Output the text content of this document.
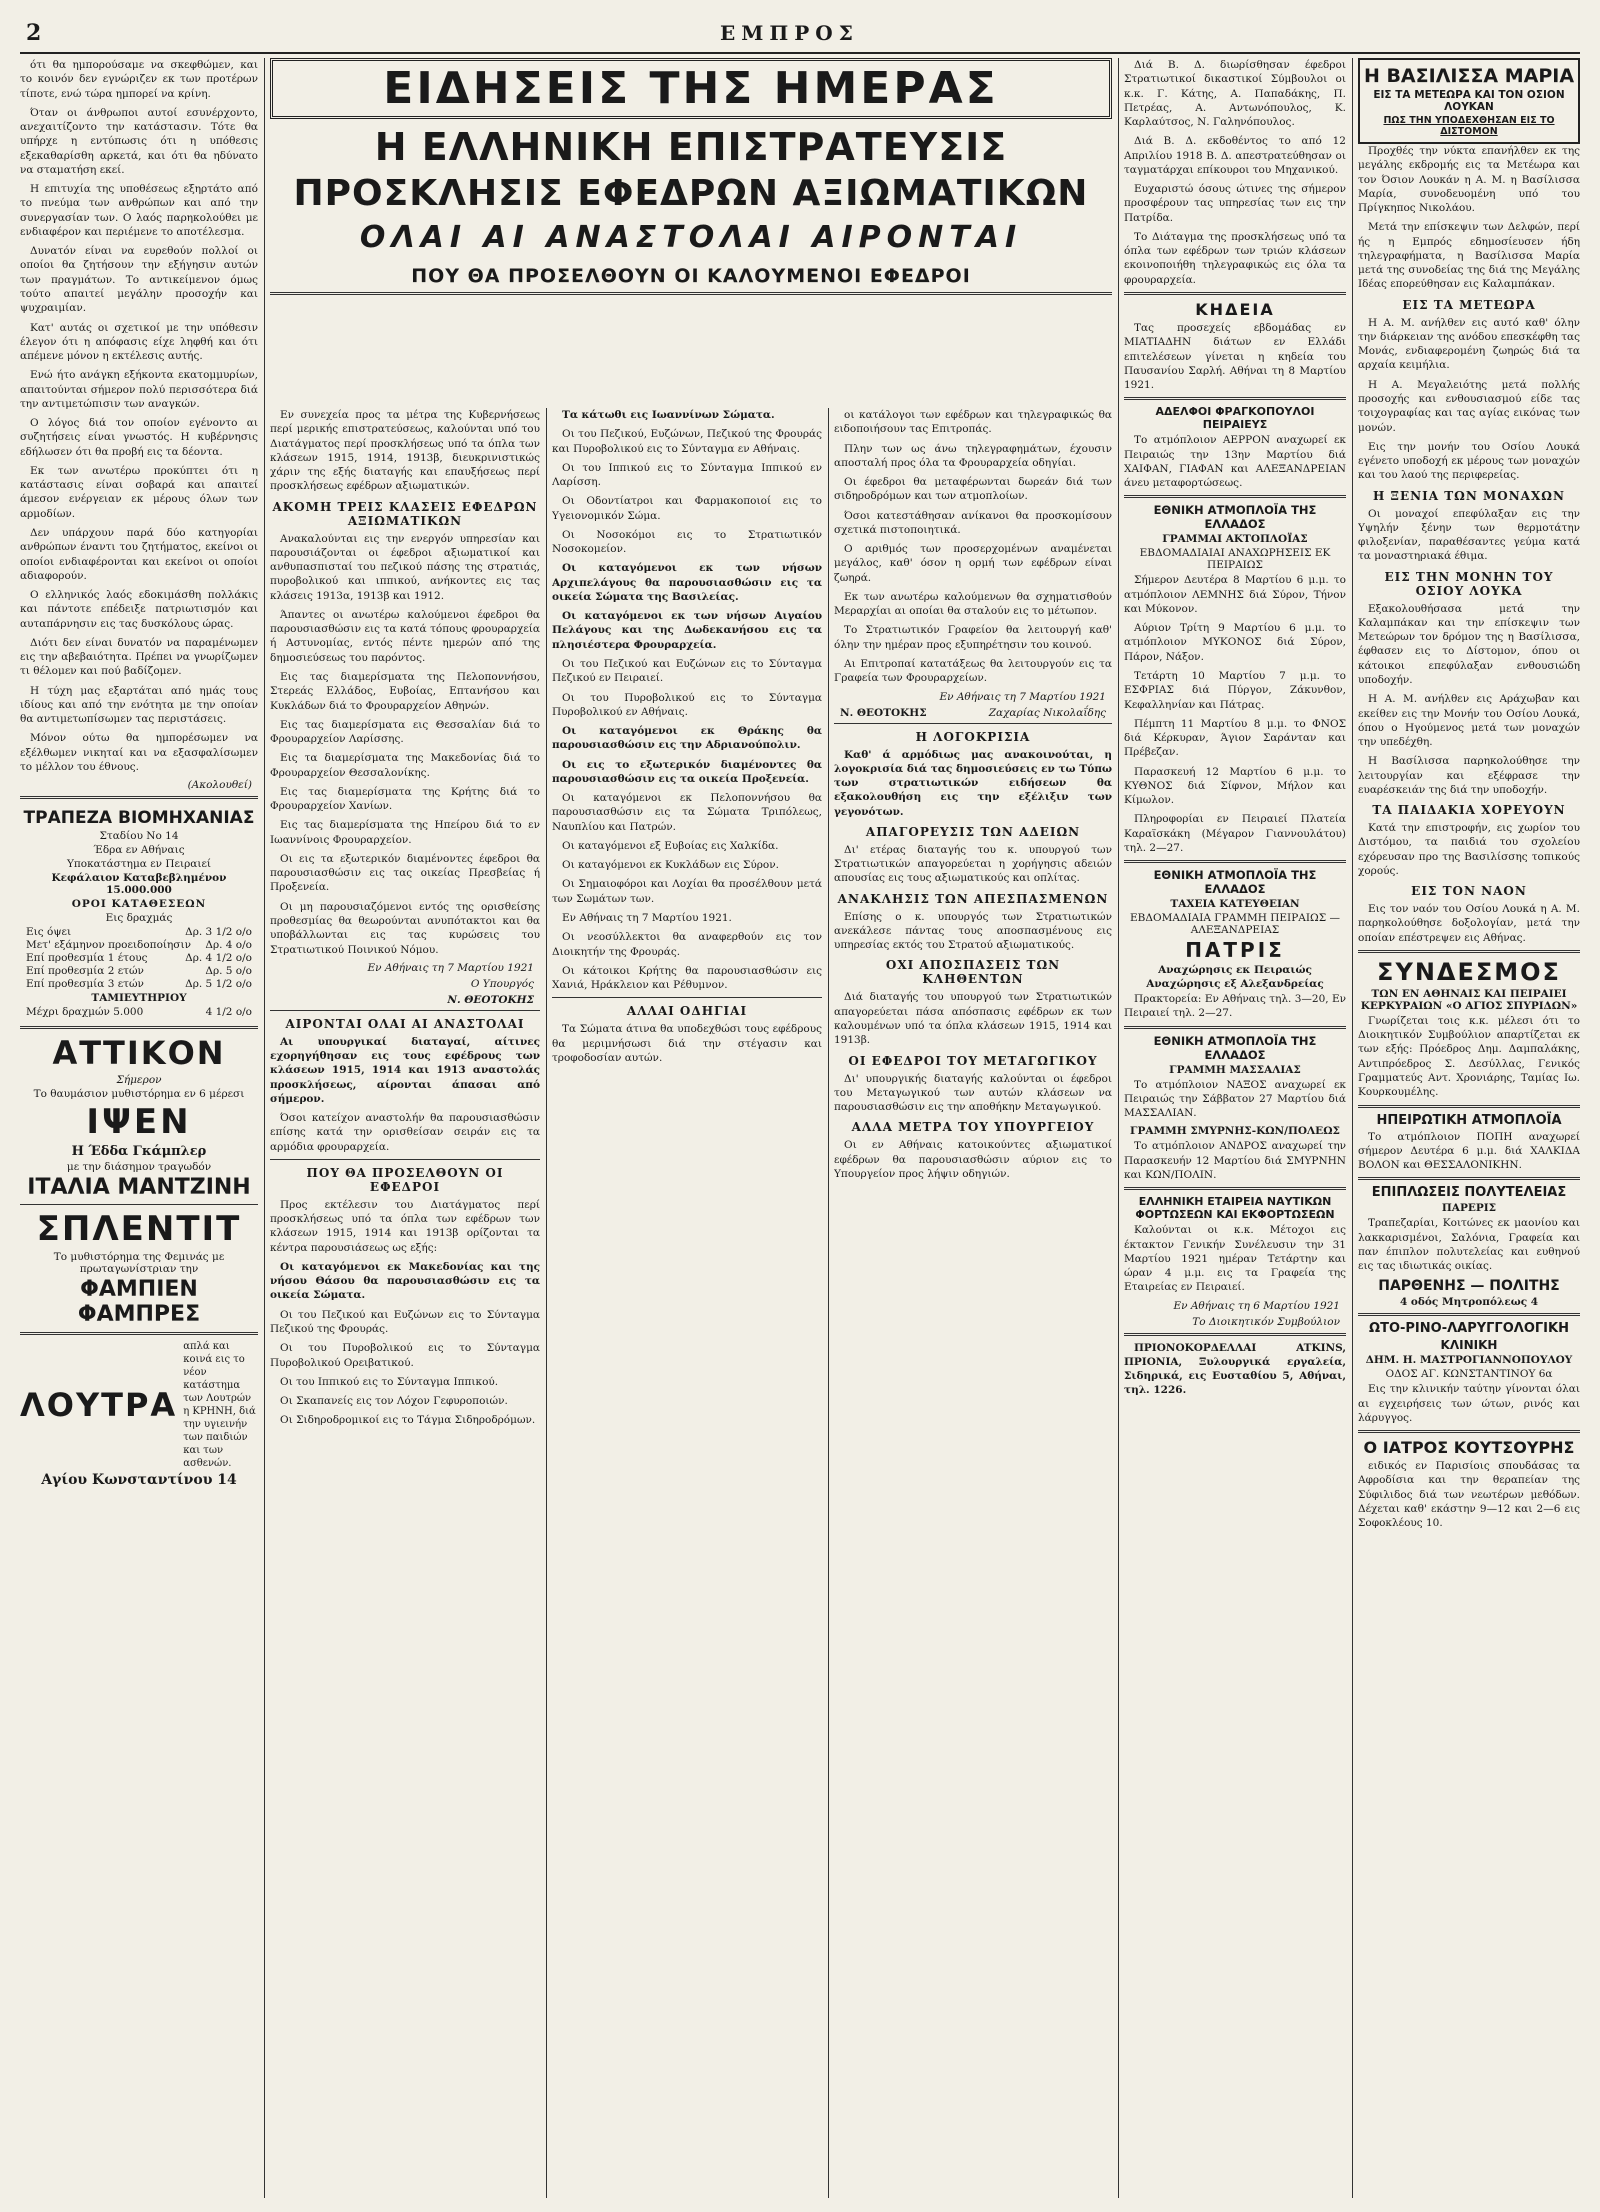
2	ΕΜΠΡΟΣ

ότι θα ημπορούσαμε να σκεφθώμεν, και το κοινόν δεν εγνώριζεν εκ των προτέρων τίποτε, ενώ τώρα ημπορεί να κρίνη.

Όταν οι άνθρωποι αυτοί εσυνέρχοντο, ανεχαιτίζοντο την κατάστασιν. Τότε θα υπήρχε η εντύπωσις ότι η υπόθεσις εξεκαθαρίσθη αρκετά, και ότι θα ηδύνατο να σταματήση εκεί.

Η επιτυχία της υποθέσεως εξηρτάτο από το πνεύμα των ανθρώπων και από την συνεργασίαν των. Ο λαός παρηκολούθει με ενδιαφέρον και περιέμενε το αποτέλεσμα.

Δυνατόν είναι να ευρεθούν πολλοί οι οποίοι θα ζητήσουν την εξήγησιν αυτών των πραγμάτων. Το αντικείμενον όμως τούτο απαιτεί μεγάλην προσοχήν και ψυχραιμίαν.

Κατ' αυτάς οι σχετικοί με την υπόθεσιν έλεγον ότι η απόφασις είχε ληφθή και ότι απέμενε μόνον η εκτέλεσις αυτής.

Ενώ ήτο ανάγκη εξήκοντα εκατομμυρίων, απαιτούνται σήμερον πολύ περισσότερα διά την αντιμετώπισιν των αναγκών.

Ο λόγος διά τον οποίον εγένοντο αι συζητήσεις είναι γνωστός. Η κυβέρνησις εδήλωσεν ότι θα προβή εις τα δέοντα.

Εκ των ανωτέρω προκύπτει ότι η κατάστασις είναι σοβαρά και απαιτεί άμεσον ενέργειαν εκ μέρους όλων των αρμοδίων.

Δεν υπάρχουν παρά δύο κατηγορίαι ανθρώπων έναντι του ζητήματος, εκείνοι οι οποίοι ενδιαφέρονται και εκείνοι οι οποίοι αδιαφορούν.

Ο ελληνικός λαός εδοκιμάσθη πολλάκις και πάντοτε επέδειξε πατριωτισμόν και αυταπάρνησιν εις τας δυσκόλους ώρας.

Διότι δεν είναι δυνατόν να παραμένωμεν εις την αβεβαιότητα. Πρέπει να γνωρίζωμεν τι θέλομεν και πού βαδίζομεν.

Η τύχη μας εξαρτάται από ημάς τους ιδίους και από την ενότητα με την οποίαν θα αντιμετωπίσωμεν τας περιστάσεις.

Μόνον ούτω θα ημπορέσωμεν να εξέλθωμεν νικηταί και να εξασφαλίσωμεν το μέλλον του έθνους.

(Ακολουθεί)
ΤΡΑΠΕΖΑ ΒΙΟΜΗΧΑΝΙΑΣ
Σταδίου Νο 14
Έδρα εν Αθήναις
Υποκατάστημα εν Πειραιεί
Κεφάλαιον Καταβεβλημένον 15.000.000
ΟΡΟΙ ΚΑΤΑΘΕΣΕΩΝ
Εις δραχμάς
Εις όψει	Δρ. 3 1/2 ο/ο
Μετ' εξάμηνον προειδοποίησιν Δρ. 4 ο/ο
Επί προθεσμία 1 έτους	Δρ. 4 1/2 ο/ο
Επί προθεσμία 2 ετών	Δρ. 5 ο/ο
Επί προθεσμία 3 ετών	Δρ. 5 1/2 ο/ο
ΤΑΜΙΕΥΤΗΡΙΟΥ
Μέχρι δραχμών 5.000	4 1/2 ο/ο
ΑΤΤΙΚΟΝ
Σήμερον
Το θαυμάσιον μυθιστόρημα εν 6 μέρεσι
ΙΨΕΝ
Η Έδδα Γκάμπλερ
με την διάσημον τραγωδόν
ΙΤΑΛΙΑ ΜΑΝΤΖΙΝΗ
ΣΠΛΕΝΤΙΤ
Το μυθιστόρημα της Φεμινάς με πρωταγωνίστριαν την
ΦΑΜΠΙΕΝ ΦΑΜΠΡΕΣ
ΛΟΥΤΡΑ
απλά και κοινά εις το νέον κατάστημα των Λουτρών η ΚΡΗΝΗ, διά την υγιεινήν των παιδιών και των ασθενών.
Αγίου Κωνσταντίνου 14
ΕΙΔΗΣΕΙΣ ΤΗΣ ΗΜΕΡΑΣ
Η ΕΛΛΗΝΙΚΗ ΕΠΙΣΤΡΑΤΕΥΣΙΣ
ΠΡΟΣΚΛΗΣΙΣ ΕΦΕΔΡΩΝ ΑΞΙΩΜΑΤΙΚΩΝ
ΟΛΑΙ ΑΙ ΑΝΑΣΤΟΛΑΙ ΑΙΡΟΝΤΑΙ
ΠΟΥ ΘΑ ΠΡΟΣΕΛΘΟΥΝ ΟΙ ΚΑΛΟΥΜΕΝΟΙ ΕΦΕΔΡΟΙ

Εν συνεχεία προς τα μέτρα της Κυβερνήσεως περί μερικής επιστρατεύσεως, καλούνται υπό του Διατάγματος περί προσκλήσεως υπό τα όπλα των κλάσεων 1915, 1914, 1913β, διευκρινιστικώς χάριν της εξής διαταγής και επαυξήσεως περί προσκλήσεως εφέδρων αξιωματικών.

ΑΚΟΜΗ ΤΡΕΙΣ ΚΛΑΣΕΙΣ ΕΦΕΔΡΩΝ ΑΞΙΩΜΑΤΙΚΩΝ

Ανακαλούνται εις την ενεργόν υπηρεσίαν και παρουσιάζονται οι έφεδροι αξιωματικοί και ανθυπασπισταί του πεζικού πάσης της στρατιάς, πυροβολικού και ιππικού, ανήκοντες εις τας κλάσεις 1913α, 1913β και 1912.

Άπαντες οι ανωτέρω καλούμενοι έφεδροι θα παρουσιασθώσιν εις τα κατά τόπους φρουραρχεία ή Αστυνομίας, εντός πέντε ημερών από της δημοσιεύσεως του παρόντος.

Εις τας διαμερίσματα της Πελοποννήσου, Στερεάς Ελλάδος, Ευβοίας, Επτανήσου και Κυκλάδων διά το Φρουραρχείον Αθηνών.

Εις τας διαμερίσματα εις Θεσσαλίαν διά το Φρουραρχείον Λαρίσσης.

Εις τα διαμερίσματα της Μακεδονίας διά το Φρουραρχείον Θεσσαλονίκης.

Εις τας διαμερίσματα της Κρήτης διά το Φρουραρχείον Χανίων.

Εις τας διαμερίσματα της Ηπείρου διά το εν Ιωαννίνοις Φρουραρχείον.

Οι εις τα εξωτερικόν διαμένοντες έφεδροι θα παρουσιασθώσιν εις τας οικείας Πρεσβείας ή Προξενεία.

Οι μη παρουσιαζόμενοι εντός της ορισθείσης προθεσμίας θα θεωρούνται ανυπότακτοι και θα υποβάλλωνται εις τας κυρώσεις του Στρατιωτικού Ποινικού Νόμου.

Εν Αθήναις τη 7 Μαρτίου 1921
Ο Υπουργός
Ν. ΘΕΟΤΟΚΗΣ
ΑΙΡΟΝΤΑΙ ΟΛΑΙ ΑΙ ΑΝΑΣΤΟΛΑΙ

Αι υπουργικαί διαταγαί, αίτινες εχορηγήθησαν εις τους εφέδρους των κλάσεων 1915, 1914 και 1913 αναστολάς προσκλήσεως, αίρονται άπασαι από σήμερον.

Όσοι κατείχον αναστολήν θα παρουσιασθώσιν επίσης κατά την ορισθείσαν σειράν εις τα αρμόδια φρουραρχεία.

ΠΟΥ ΘΑ ΠΡΟΣΕΛΘΟΥΝ ΟΙ ΕΦΕΔΡΟΙ

Προς εκτέλεσιν του Διατάγματος περί προσκλήσεως υπό τα όπλα των εφέδρων των κλάσεων 1915, 1914 και 1913β ορίζονται τα κέντρα παρουσιάσεως ως εξής:

Οι καταγόμενοι εκ Μακεδονίας και της νήσου Θάσου θα παρουσιασθώσιν εις τα οικεία Σώματα.

Οι του Πεζικού και Ευζώνων εις το Σύνταγμα Πεζικού της Φρουράς.

Οι του Πυροβολικού εις το Σύνταγμα Πυροβολικού Ορειβατικού.

Οι του Ιππικού εις το Σύνταγμα Ιππικού.

Οι Σκαπανείς εις τον Λόχον Γεφυροποιών.

Οι Σιδηροδρομικοί εις το Τάγμα Σιδηροδρόμων.

Τα κάτωθι εις Ιωαννίνων Σώματα.

Οι του Πεζικού, Ευζώνων, Πεζικού της Φρουράς και Πυροβολικού εις το Σύνταγμα εν Αθήναις.

Οι του Ιππικού εις το Σύνταγμα Ιππικού εν Λαρίσση.

Οι Οδοντίατροι και Φαρμακοποιοί εις το Υγειονομικόν Σώμα.

Οι Νοσοκόμοι εις το Στρατιωτικόν Νοσοκομείον.

Οι καταγόμενοι εκ των νήσων Αρχιπελάγους θα παρουσιασθώσιν εις τα οικεία Σώματα της Βασιλείας.

Οι καταγόμενοι εκ των νήσων Αιγαίου Πελάγους και της Δωδεκανήσου εις τα πλησιέστερα Φρουραρχεία.

Οι του Πεζικού και Ευζώνων εις το Σύνταγμα Πεζικού εν Πειραιεί.

Οι του Πυροβολικού εις το Σύνταγμα Πυροβολικού εν Αθήναις.

Οι καταγόμενοι εκ Θράκης θα παρουσιασθώσιν εις την Αδριανούπολιν.

Οι εις το εξωτερικόν διαμένοντες θα παρουσιασθώσιν εις τα οικεία Προξενεία.

Οι καταγόμενοι εκ Πελοποννήσου θα παρουσιασθώσιν εις τα Σώματα Τριπόλεως, Ναυπλίου και Πατρών.

Οι καταγόμενοι εξ Ευβοίας εις Χαλκίδα.

Οι καταγόμενοι εκ Κυκλάδων εις Σύρον.

Οι Σημαιοφόροι και Λοχίαι θα προσέλθουν μετά των Σωμάτων των.

Εν Αθήναις τη 7 Μαρτίου 1921.

Οι νεοσύλλεκτοι θα αναφερθούν εις τον Διοικητήν της Φρουράς.

Οι κάτοικοι Κρήτης θα παρουσιασθώσιν εις Χανιά, Ηράκλειον και Ρέθυμνον.

ΑΛΛΑΙ ΟΔΗΓΙΑΙ

Τα Σώματα άτινα θα υποδεχθώσι τους εφέδρους θα μεριμνήσωσι διά την στέγασιν και τροφοδοσίαν αυτών.

οι κατάλογοι των εφέδρων και τηλεγραφικώς θα ειδοποιήσουν τας Επιτροπάς.

Πλην των ως άνω τηλεγραφημάτων, έχουσιν αποσταλή προς όλα τα Φρουραρχεία οδηγίαι.

Οι έφεδροι θα μεταφέρωνται δωρεάν διά των σιδηροδρόμων και των ατμοπλοίων.

Όσοι κατεστάθησαν ανίκανοι θα προσκομίσουν σχετικά πιστοποιητικά.

Ο αριθμός των προσερχομένων αναμένεται μεγάλος, καθ' όσον η ορμή των εφέδρων είναι ζωηρά.

Εκ των ανωτέρω καλούμενων θα σχηματισθούν Μεραρχίαι αι οποίαι θα σταλούν εις το μέτωπον.

Το Στρατιωτικόν Γραφείον θα λειτουργή καθ' όλην την ημέραν προς εξυπηρέτησιν του κοινού.

Αι Επιτροπαί κατατάξεως θα λειτουργούν εις τα Γραφεία των Φρουραρχείων.

Εν Αθήναις τη 7 Μαρτίου 1921
Ν. ΘΕΟΤΟΚΗΣ	Ζαχαρίας Νικολαΐδης
Η ΛΟΓΟΚΡΙΣΙΑ

Καθ' ά αρμόδιως μας ανακοινούται, η λογοκρισία διά τας δημοσιεύσεις εν τω Τύπω των στρατιωτικών ειδήσεων θα εξακολουθήση εις την εξέλιξιν των γεγονότων.

ΑΠΑΓΟΡΕΥΣΙΣ ΤΩΝ ΑΔΕΙΩΝ

Δι' ετέρας διαταγής του κ. υπουργού των Στρατιωτικών απαγορεύεται η χορήγησις αδειών απουσίας εις τους αξιωματικούς και οπλίτας.

ΑΝΑΚΛΗΣΙΣ ΤΩΝ ΑΠΕΣΠΑΣΜΕΝΩΝ

Επίσης ο κ. υπουργός των Στρατιωτικών ανεκάλεσε πάντας τους αποσπασμένους εις υπηρεσίας εκτός του Στρατού αξιωματικούς.

ΟΧΙ ΑΠΟΣΠΑΣΕΙΣ ΤΩΝ ΚΛΗΘΕΝΤΩΝ

Διά διαταγής του υπουργού των Στρατιωτικών απαγορεύεται πάσα απόσπασις εφέδρων εκ των καλουμένων υπό τα όπλα κλάσεων 1915, 1914 και 1913β.

ΟΙ ΕΦΕΔΡΟΙ ΤΟΥ ΜΕΤΑΓΩΓΙΚΟΥ

Δι' υπουργικής διαταγής καλούνται οι έφεδροι του Μεταγωγικού των αυτών κλάσεων να παρουσιασθώσιν εις την αποθήκην Μεταγωγικού.

ΑΛΛΑ ΜΕΤΡΑ ΤΟΥ ΥΠΟΥΡΓΕΙΟΥ

Οι εν Αθήναις κατοικούντες αξιωματικοί εφέδρων θα παρουσιασθώσιν αύριον εις το Υπουργείον προς λήψιν οδηγιών.

Διά Β. Δ. διωρίσθησαν έφεδροι Στρατιωτικοί δικαστικοί Σύμβουλοι οι κ.κ. Γ. Κάτης, Α. Παπαδάκης, Π. Πετρέας, Α. Αντωνόπουλος, Κ. Καρλαύτσος, Ν. Γαληνόπουλος.

Διά Β. Δ. εκδοθέντος το από 12 Απριλίου 1918 Β. Δ. απεστρατεύθησαν οι ταγματάρχαι επίκουροι του Μηχανικού.

Ευχαριστώ όσους ώτινες της σήμερον προσφέρουν τας υπηρεσίας των εις την Πατρίδα.

Το Διάταγμα της προσκλήσεως υπό τα όπλα των εφέδρων των τριών κλάσεων εκοινοποιήθη τηλεγραφικώς εις όλα τα φρουραρχεία.

ΚΗΔΕΙΑ

Τας προσεχείς εβδομάδας εν ΜΙΑΤΙΑΔΗΝ διάτων εν Ελλάδι επιτελέσεων γίνεται η κηδεία του Παυσανίου Σαρλή. Αθήναι τη 8 Μαρτίου 1921.

ΑΔΕΛΦΟΙ ΦΡΑΓΚΟΠΟΥΛΟΙ ΠΕΙΡΑΙΕΥΣ

Το ατμόπλοιον ΑΕΡΡΟΝ αναχωρεί εκ Πειραιώς την 13ην Μαρτίου διά ΧΑΙΦΑΝ, ΓΙΑΦΑΝ και ΑΛΕΞΑΝΔΡΕΙΑΝ άνευ μεταφορτώσεως.

ΕΘΝΙΚΗ ΑΤΜΟΠΛΟΪΑ ΤΗΣ ΕΛΛΑΔΟΣ
ΓΡΑΜΜΑΙ ΑΚΤΟΠΛΟΪΑΣ
ΕΒΔΟΜΑΔΙΑΙΑΙ ΑΝΑΧΩΡΗΣΕΙΣ ΕΚ ΠΕΙΡΑΙΩΣ

Σήμερον Δευτέρα 8 Μαρτίου 6 μ.μ. το ατμόπλοιον ΛΕΜΝΗΣ διά Σύρον, Τήνον και Μύκονον.

Αύριον Τρίτη 9 Μαρτίου 6 μ.μ. το ατμόπλοιον ΜΥΚΟΝΟΣ διά Σύρον, Πάρον, Νάξον.

Τετάρτη 10 Μαρτίου 7 μ.μ. το ΕΣΦΡΙΑΣ διά Πύργον, Ζάκυνθον, Κεφαλληνίαν και Πάτρας.

Πέμπτη 11 Μαρτίου 8 μ.μ. το ΦΝΟΣ διά Κέρκυραν, Άγιον Σαράνταν και Πρέβεζαν.

Παρασκευή 12 Μαρτίου 6 μ.μ. το ΚΥΘΝΟΣ διά Σίφνον, Μήλον και Κίμωλον.

Πληροφορίαι εν Πειραιεί Πλατεία Καραϊσκάκη (Μέγαρον Γιαννουλάτου) τηλ. 2—27.

ΕΘΝΙΚΗ ΑΤΜΟΠΛΟΪΑ ΤΗΣ ΕΛΛΑΔΟΣ
ΤΑΧΕΙΑ ΚΑΤΕΥΘΕΙΑΝ
ΕΒΔΟΜΑΔΙΑΙΑ ΓΡΑΜΜΗ ΠΕΙΡΑΙΩΣ — ΑΛΕΞΑΝΔΡΕΙΑΣ
ΠΑΤΡΙΣ
Αναχώρησις εκ Πειραιώς
Αναχώρησις εξ Αλεξανδρείας

Πρακτορεία: Εν Αθήναις τηλ. 3—20, Εν Πειραιεί τηλ. 2—27.

ΕΘΝΙΚΗ ΑΤΜΟΠΛΟΪΑ ΤΗΣ ΕΛΛΑΔΟΣ
ΓΡΑΜΜΗ ΜΑΣΣΑΛΙΑΣ

Το ατμόπλοιον ΝΑΞΟΣ αναχωρεί εκ Πειραιώς την Σάββατον 27 Μαρτίου διά ΜΑΣΣΑΛΙΑΝ.

ΓΡΑΜΜΗ ΣΜΥΡΝΗΣ-ΚΩΝ/ΠΟΛΕΩΣ

Το ατμόπλοιον ΑΝΔΡΟΣ αναχωρεί την Παρασκευήν 12 Μαρτίου διά ΣΜΥΡΝΗΝ και ΚΩΝ/ΠΟΛΙΝ.

ΕΛΛΗΝΙΚΗ ΕΤΑΙΡΕΙΑ ΝΑΥΤΙΚΩΝ ΦΟΡΤΩΣΕΩΝ ΚΑΙ ΕΚΦΟΡΤΩΣΕΩΝ

Καλούνται οι κ.κ. Μέτοχοι εις έκτακτον Γενικήν Συνέλευσιν την 31 Μαρτίου 1921 ημέραν Τετάρτην και ώραν 4 μ.μ. εις τα Γραφεία της Εταιρείας εν Πειραιεί.

Εν Αθήναις τη 6 Μαρτίου 1921
Το Διοικητικόν Συμβούλιον

ΠΡΙΟΝΟΚΟΡΔΕΛΛΑΙ ATKINS, ΠΡΙΟΝΙΑ, Ξυλουργικά εργαλεία, Σιδηρικά, εις Ευσταθίου 5, Αθήναι, τηλ. 1226.

Η ΒΑΣΙΛΙΣΣΑ ΜΑΡΙΑ
ΕΙΣ ΤΑ ΜΕΤΕΩΡΑ ΚΑΙ ΤΟΝ ΟΣΙΟΝ ΛΟΥΚΑΝ
ΠΩΣ ΤΗΝ ΥΠΟΔΕΧΘΗΣΑΝ ΕΙΣ ΤΟ ΔΙΣΤΟΜΟΝ

Προχθές την νύκτα επανήλθεν εκ της μεγάλης εκδρομής εις τα Μετέωρα και τον Όσιον Λουκάν η Α. Μ. η Βασίλισσα Μαρία, συνοδευομένη υπό του Πρίγκηπος Νικολάου.

Μετά την επίσκεψιν των Δελφών, περί ής η Εμπρός εδημοσίευσεν ήδη τηλεγραφήματα, η Βασίλισσα Μαρία μετά της συνοδείας της διά της Μεγάλης Ιδέας επορεύθησαν εις Καλαμπάκαν.

ΕΙΣ ΤΑ ΜΕΤΕΩΡΑ

Η Α. Μ. ανήλθεν εις αυτό καθ' όλην την διάρκειαν της ανόδου επεσκέφθη τας Μονάς, ενδιαφερομένη ζωηρώς διά τα αρχαία κειμήλια.

Η Α. Μεγαλειότης μετά πολλής προσοχής και ενθουσιασμού είδε τας τοιχογραφίας και τας αγίας εικόνας των μονών.

Εις την μονήν του Οσίου Λουκά εγένετο υποδοχή εκ μέρους των μοναχών και του λαού της περιφερείας.

Η ΞΕΝΙΑ ΤΩΝ ΜΟΝΑΧΩΝ

Οι μοναχοί επεφύλαξαν εις την Υψηλήν ξένην των θερμοτάτην φιλοξενίαν, παραθέσαντες γεύμα κατά τα μοναστηριακά έθιμα.

ΕΙΣ ΤΗΝ ΜΟΝΗΝ ΤΟΥ ΟΣΙΟΥ ΛΟΥΚΑ

Εξακολουθήσασα μετά την Καλαμπάκαν και την επίσκεψιν των Μετεώρων τον δρόμον της η Βασίλισσα, έφθασεν εις το Δίστομον, όπου οι κάτοικοι επεφύλαξαν ενθουσιώδη υποδοχήν.

Η Α. Μ. ανήλθεν εις Αράχωβαν και εκείθεν εις την Μονήν του Οσίου Λουκά, όπου ο Ηγούμενος μετά των μοναχών την υπεδέχθη.

Η Βασίλισσα παρηκολούθησε την λειτουργίαν και εξέφρασε την ευαρέσκειάν της διά την υποδοχήν.

ΤΑ ΠΑΙΔΑΚΙΑ ΧΟΡΕΥΟΥΝ

Κατά την επιστροφήν, εις χωρίον του Διστόμου, τα παιδιά του σχολείου εχόρευσαν προ της Βασιλίσσης τοπικούς χορούς.

ΕΙΣ ΤΟΝ ΝΑΟΝ

Εις τον ναόν του Οσίου Λουκά η Α. Μ. παρηκολούθησε δοξολογίαν, μετά την οποίαν επέστρεψεν εις Αθήνας.

ΣΥΝΔΕΣΜΟΣ
ΤΩΝ ΕΝ ΑΘΗΝΑΙΣ ΚΑΙ ΠΕΙΡΑΙΕΙ ΚΕΡΚΥΡΑΙΩΝ «Ο ΑΓΙΟΣ ΣΠΥΡΙΔΩΝ»

Γνωρίζεται τοις κ.κ. μέλεσι ότι το Διοικητικόν Συμβούλιον απαρτίζεται εκ των εξής: Πρόεδρος Δημ. Δαμπαλάκης, Αντιπρόεδρος Σ. Δεσύλλας, Γενικός Γραμματεύς Αντ. Χρονιάρης, Ταμίας Ιω. Κουρκουμέλης.

ΗΠΕΙΡΩΤΙΚΗ ΑΤΜΟΠΛΟΪΑ

Το ατμόπλοιον ΠΟΠΗ αναχωρεί σήμερον Δευτέρα 6 μ.μ. διά ΧΑΛΚΙΔΑ ΒΟΛΟΝ και ΘΕΣΣΑΛΟΝΙΚΗΝ.

ΕΠΙΠΛΩΣΕΙΣ ΠΟΛΥΤΕΛΕΙΑΣ
ΠΑΡΕΡΙΣ

Τραπεζαρίαι, Κοιτώνες εκ μαονίου και λακκαρισμένοι, Σαλόνια, Γραφεία και παν έπιπλον πολυτελείας και ευθηνού εις τας ιδιωτικάς οικίας.

ΠΑΡΘΕΝΗΣ — ΠΟΛΙΤΗΣ
4 οδός Μητροπόλεως 4
ΩΤΟ-ΡΙΝΟ-ΛΑΡΥΓΓΟΛΟΓΙΚΗ
ΚΛΙΝΙΚΗ
ΔΗΜ. Η. ΜΑΣΤΡΟΓΙΑΝΝΟΠΟΥΛΟΥ
ΟΔΟΣ ΑΓ. ΚΩΝΣΤΑΝΤΙΝΟΥ 6α

Εις την κλινικήν ταύτην γίνονται όλαι αι εγχειρήσεις των ώτων, ρινός και λάρυγγος.

Ο ΙΑΤΡΟΣ ΚΟΥΤΣΟΥΡΗΣ

ειδικός εν Παρισίοις σπουδάσας τα Αφροδίσια και την θεραπείαν της Σύφιλιδος διά των νεωτέρων μεθόδων. Δέχεται καθ' εκάστην 9—12 και 2—6 εις Σοφοκλέους 10.
